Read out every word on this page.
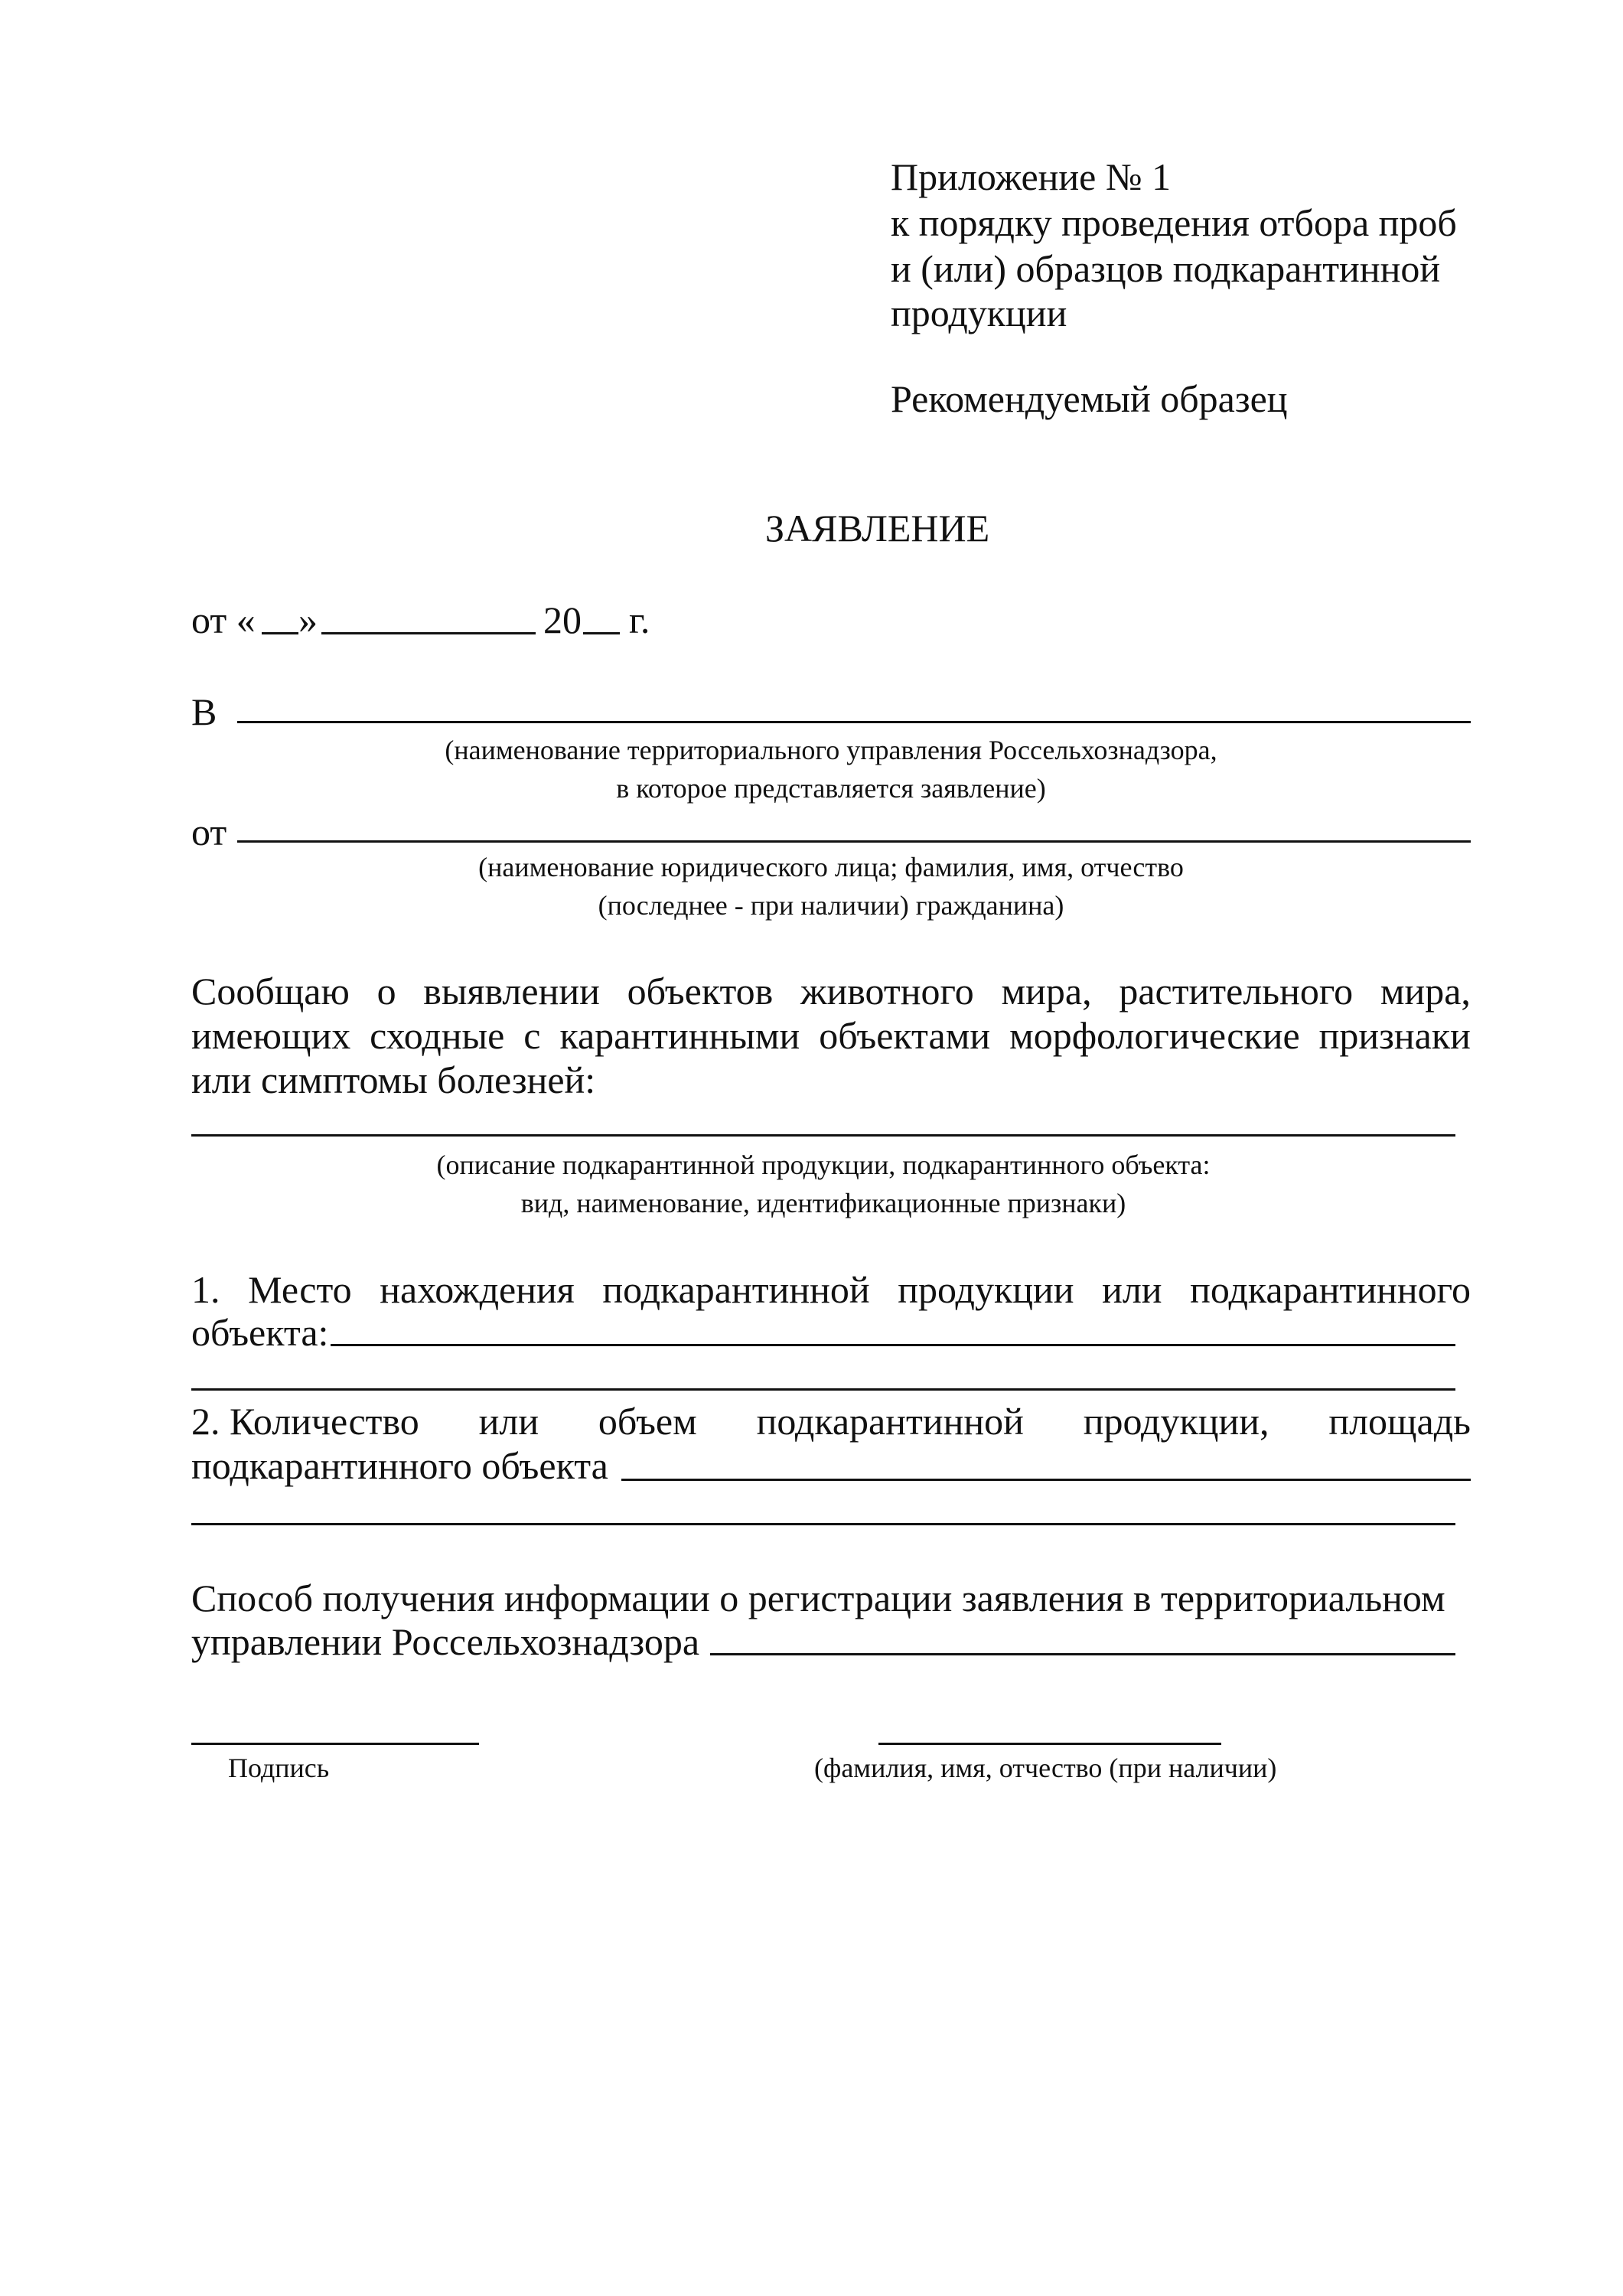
Приложение № 1
к порядку проведения отбора проб
и (или) образцов подкарантинной
продукции
Рекомендуемый образец
ЗАЯВЛЕНИЕ
от « »	20 г.
В
(наименование территориального управления Россельхознадзора,
в которое представляется заявление)
от
(наименование юридического лица; фамилия, имя, отчество
(последнее - при наличии) гражданина)
Сообщаю о выявлении объектов животного мира, растительного мира,
имеющих сходные с карантинными объектами морфологические признаки
или симптомы болезней:
(описание подкарантинной продукции, подкарантинного объекта:
вид, наименование, идентификационные признаки)
1. Место нахождения подкарантинной продукции или подкарантинного
объекта:
2. Количество или объем подкарантинной продукции, площадь
подкарантинного объекта
Способ получения информации о регистрации заявления в территориальном
управлении Россельхознадзора
Подпись	(фамилия, имя, отчество (при наличии)
